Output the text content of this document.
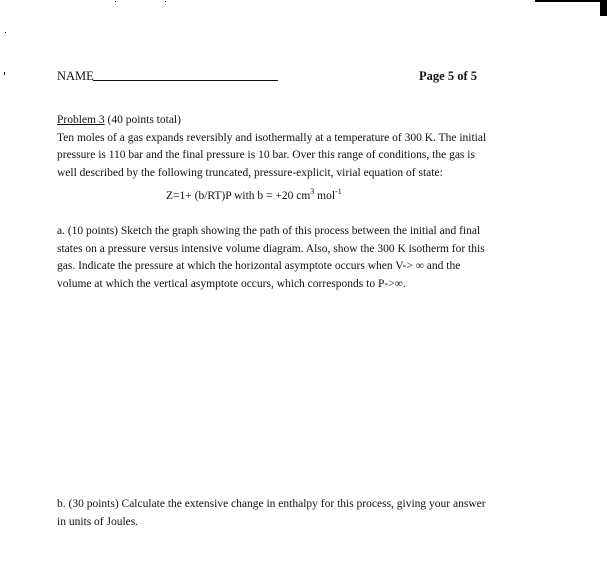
NAME	Page 5 of 5

Problem 3 (40 points total)

Ten moles of a gas expands reversibly and isothermally at a temperature of 300 K. The initial pressure is 110 bar and the final pressure is 10 bar. Over this range of conditions, the gas is well described by the following truncated, pressure-explicit, virial equation of state:

Z=1+ (b/RT)P with b = +20 $cm^3$ mol$^{-1}$

a. (10 points) Sketch the graph showing the path of this process between the initial and final states on a pressure versus intensive volume diagram. Also, show the 300 K isotherm for this gas. Indicate the pressure at which the horizontal asymptote occurs when V-> ∞ and the volume at which the vertical asymptote occurs, which corresponds to P->∞.

b. (30 points) Calculate the extensive change in enthalpy for this process, giving your answer in units of Joules.
